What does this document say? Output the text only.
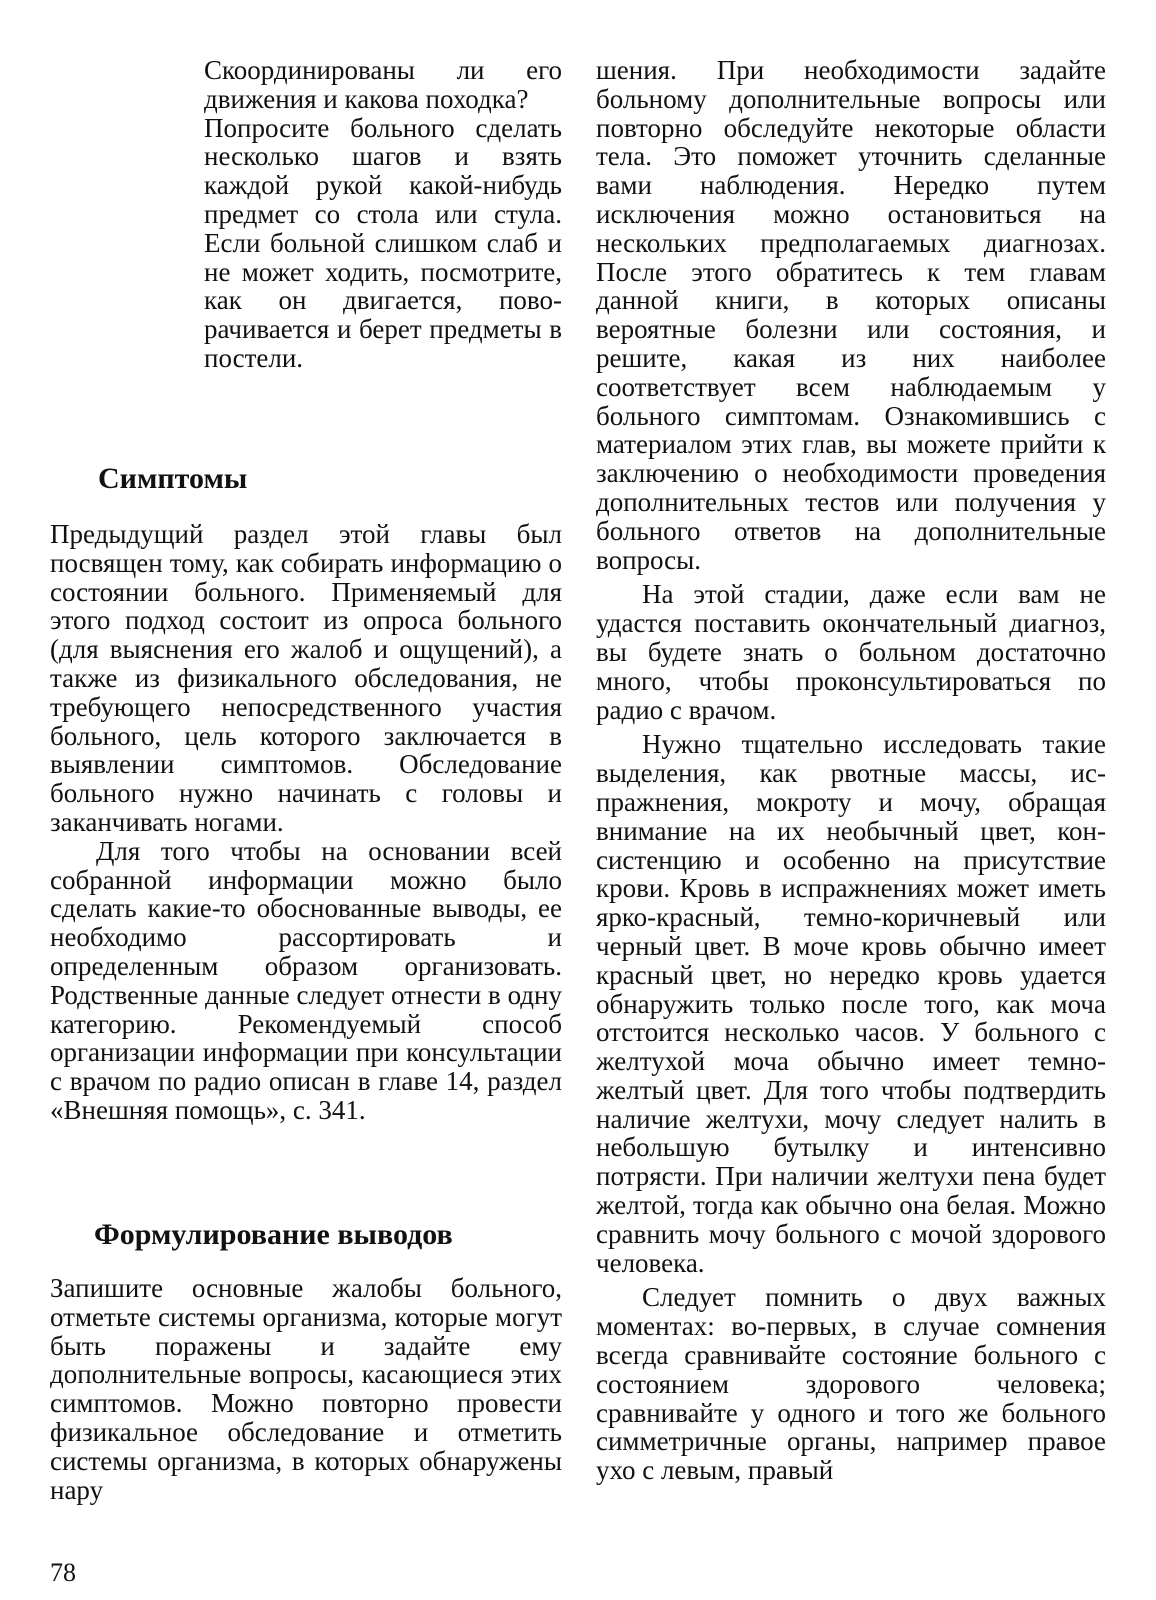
Скоординированы ли его движения и какова походка?

Попросите больного сделать несколько шагов и взять каждой рукой какой-нибудь предмет со стола или стула. Если больной слишком слаб и не может ходить, посмотрите, как он двигается, поворачивается и берет предметы в постели.

Симптомы

Предыдущий раздел этой главы был посвящен тому, как собирать информацию о состоянии больного. Применяемый для этого подход состоит из опроса больного (для выяснения его жалоб и ощущений), а также из физикального обследования, не требующего непосредственного участия больного, цель которого заключается в выявлении симптомов. Обследование больного нужно начинать с головы и заканчивать ногами.

Для того чтобы на основании всей собранной информации можно было сделать какие-то обоснованные выводы, ее необходимо рассортировать и определенным образом организовать. Родственные данные следует отнести в одну категорию. Рекомендуемый способ организации информации при консультации с врачом по радио описан в главе 14, раздел «Внешняя помощь», с. 341.

Формулирование выводов

Запишите основные жалобы больного, отметьте системы организма, которые могут быть поражены и задайте ему дополнительные вопросы, касающиеся этих симптомов. Можно повторно провести физикальное обследование и отметить системы организма, в которых обнаружены нару

шения. При необходимости задайте больному дополнительные вопросы или повторно обследуйте некоторые области тела. Это поможет уточнить сделанные вами наблюдения. Нередко путем исключения можно остановиться на нескольких предполагаемых диагнозах. После этого обратитесь к тем главам данной книги, в которых описаны вероятные болезни или состояния, и решите, какая из них наиболее соответствует всем наблюдаемым у больного симптомам. Ознакомившись с материалом этих глав, вы можете прийти к заключению о необходимости проведения дополнительных тестов или получения у больного ответов на дополнительные вопросы.

На этой стадии, даже если вам не удастся поставить окончательный диагноз, вы будете знать о больном достаточно много, чтобы проконсультироваться по радио с врачом.

Нужно тщательно исследовать такие выделения, как рвотные массы, испражнения, мокроту и мочу, обращая внимание на их необычный цвет, консистенцию и особенно на присутствие крови. Кровь в испражнениях может иметь ярко-красный, темно-коричневый или черный цвет. В моче кровь обычно имеет красный цвет, но нередко кровь удается обнаружить только после того, как моча отстоится несколько часов. У больного с желтухой моча обычно имеет темно-желтый цвет. Для того чтобы подтвердить наличие желтухи, мочу следует налить в небольшую бутылку и интенсивно потрясти. При наличии желтухи пена будет желтой, тогда как обычно она белая. Можно сравнить мочу больного с мочой здорового человека.

Следует помнить о двух важных моментах: во-первых, в случае сомнения всегда сравнивайте состояние больного с состоянием здорового человека; сравнивайте у одного и того же больного симметричные органы, например правое ухо с левым, правый

78
